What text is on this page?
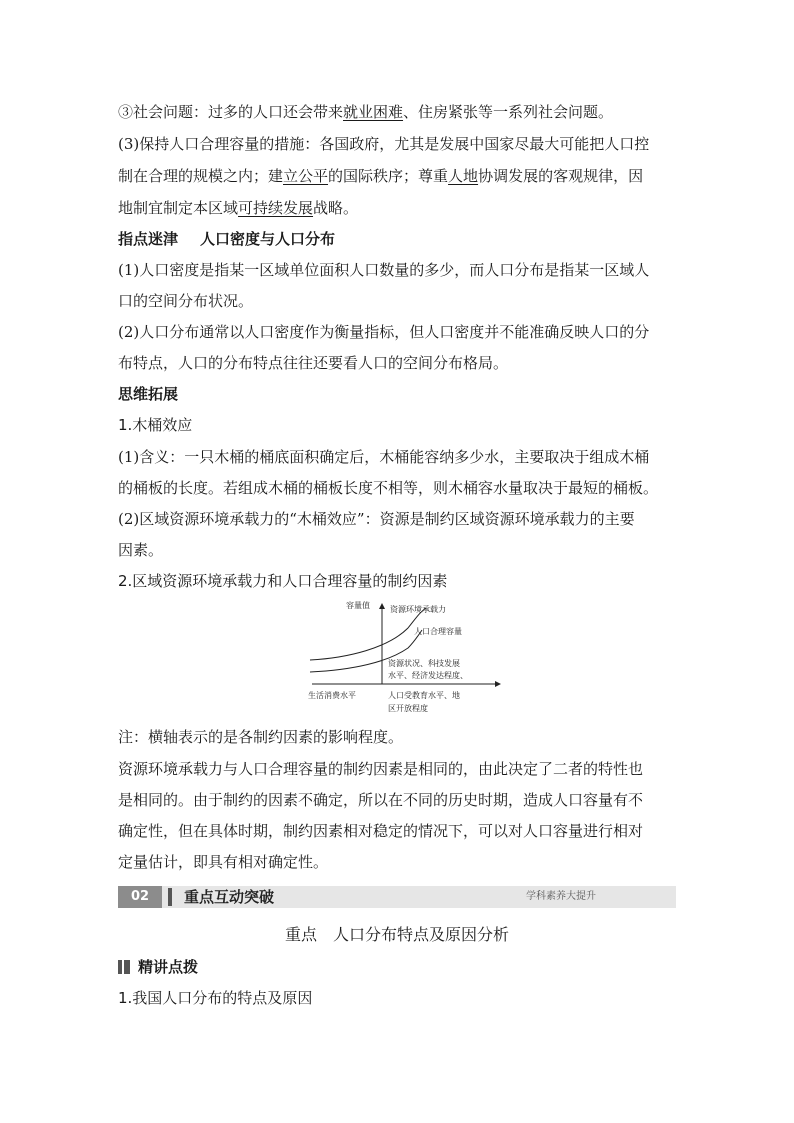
③社会问题：过多的人口还会带来就业困难、住房紧张等一系列社会问题。
(3)保持人口合理容量的措施：各国政府，尤其是发展中国家尽最大可能把人口控
制在合理的规模之内；建立公平的国际秩序；尊重人地协调发展的客观规律，因
地制宜制定本区域可持续发展战略。
指点迷津 人口密度与人口分布
(1)人口密度是指某一区域单位面积人口数量的多少，而人口分布是指某一区域人
口的空间分布状况。
(2)人口分布通常以人口密度作为衡量指标，但人口密度并不能准确反映人口的分
布特点，人口的分布特点往往还要看人口的空间分布格局。
思维拓展
1.木桶效应
(1)含义：一只木桶的桶底面积确定后，木桶能容纳多少水，主要取决于组成木桶
的桶板的长度。若组成木桶的桶板长度不相等，则木桶容水量取决于最短的桶板。
(2)区域资源环境承载力的“木桶效应”：资源是制约区域资源环境承载力的主要
因素。
2.区域资源环境承载力和人口合理容量的制约因素
容量值	资源环境承载力
人口合理容量
资源状况、科技发展
水平、经济发达程度、
人口受教育水平、地
区开放程度
生活消费水平
注：横轴表示的是各制约因素的影响程度。
资源环境承载力与人口合理容量的制约因素是相同的，由此决定了二者的特性也
是相同的。由于制约的因素不确定，所以在不同的历史时期，造成人口容量有不
确定性，但在具体时期，制约因素相对稳定的情况下，可以对人口容量进行相对
定量估计，即具有相对确定性。
02	重点互动突破	学科素养大提升
重点 人口分布特点及原因分析
精讲点拨
1.我国人口分布的特点及原因
